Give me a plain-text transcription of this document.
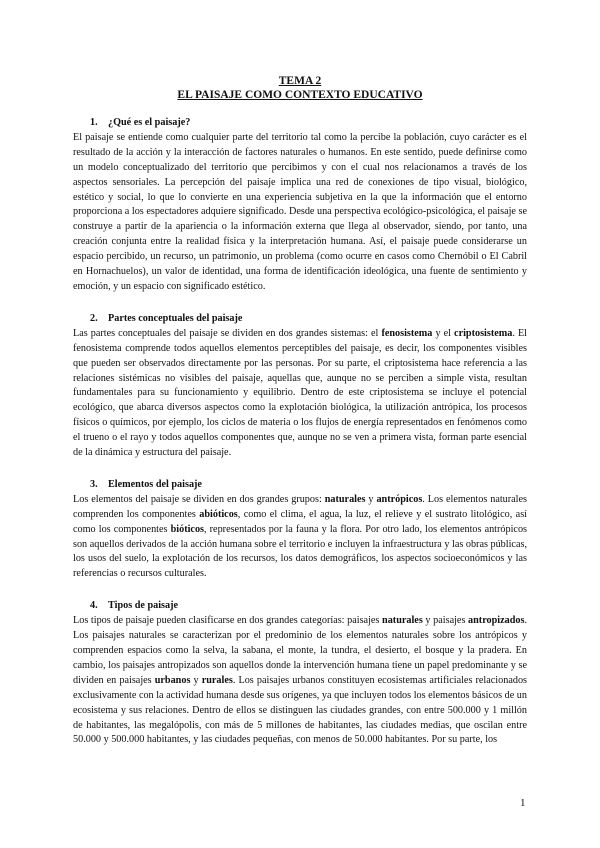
TEMA 2
EL PAISAJE COMO CONTEXTO EDUCATIVO
1. ¿Qué es el paisaje?

El paisaje se entiende como cualquier parte del territorio tal como la percibe la población, cuyo carácter es el resultado de la acción y la interacción de factores naturales o humanos. En este sentido, puede definirse como un modelo conceptualizado del territorio que percibimos y con el cual nos relacionamos a través de los aspectos sensoriales. La percepción del paisaje implica una red de conexiones de tipo visual, biológico, estético y social, lo que lo convierte en una experiencia subjetiva en la que la información que el entorno proporciona a los espectadores adquiere significado. Desde una perspectiva ecológico-psicológica, el paisaje se construye a partir de la apariencia o la información externa que llega al observador, siendo, por tanto, una creación conjunta entre la realidad física y la interpretación humana. Así, el paisaje puede considerarse un espacio percibido, un recurso, un patrimonio, un problema (como ocurre en casos como Chernóbil o El Cabril en Hornachuelos), un valor de identidad, una forma de identificación ideológica, una fuente de sentimiento y emoción, y un espacio con significado estético.

2. Partes conceptuales del paisaje

Las partes conceptuales del paisaje se dividen en dos grandes sistemas: el fenosistema y el criptosistema. El fenosistema comprende todos aquellos elementos perceptibles del paisaje, es decir, los componentes visibles que pueden ser observados directamente por las personas. Por su parte, el criptosistema hace referencia a las relaciones sistémicas no visibles del paisaje, aquellas que, aunque no se perciben a simple vista, resultan fundamentales para su funcionamiento y equilibrio. Dentro de este criptosistema se incluye el potencial ecológico, que abarca diversos aspectos como la explotación biológica, la utilización antrópica, los procesos físicos o químicos, por ejemplo, los ciclos de materia o los flujos de energía representados en fenómenos como el trueno o el rayo y todos aquellos componentes que, aunque no se ven a primera vista, forman parte esencial de la dinámica y estructura del paisaje.

3. Elementos del paisaje

Los elementos del paisaje se dividen en dos grandes grupos: naturales y antrópicos. Los elementos naturales comprenden los componentes abióticos, como el clima, el agua, la luz, el relieve y el sustrato litológico, así como los componentes bióticos, representados por la fauna y la flora. Por otro lado, los elementos antrópicos son aquellos derivados de la acción humana sobre el territorio e incluyen la infraestructura y las obras públicas, los usos del suelo, la explotación de los recursos, los datos demográficos, los aspectos socioeconómicos y las referencias o recursos culturales.

4. Tipos de paisaje

Los tipos de paisaje pueden clasificarse en dos grandes categorías: paisajes naturales y paisajes antropizados. Los paisajes naturales se caracterizan por el predominio de los elementos naturales sobre los antrópicos y comprenden espacios como la selva, la sabana, el monte, la tundra, el desierto, el bosque y la pradera. En cambio, los paisajes antropizados son aquellos donde la intervención humana tiene un papel predominante y se dividen en paisajes urbanos y rurales. Los paisajes urbanos constituyen ecosistemas artificiales relacionados exclusivamente con la actividad humana desde sus orígenes, ya que incluyen todos los elementos básicos de un ecosistema y sus relaciones. Dentro de ellos se distinguen las ciudades grandes, con entre 500.000 y 1 millón de habitantes, las megalópolis, con más de 5 millones de habitantes, las ciudades medias, que oscilan entre 50.000 y 500.000 habitantes, y las ciudades pequeñas, con menos de 50.000 habitantes. Por su parte, los

1
